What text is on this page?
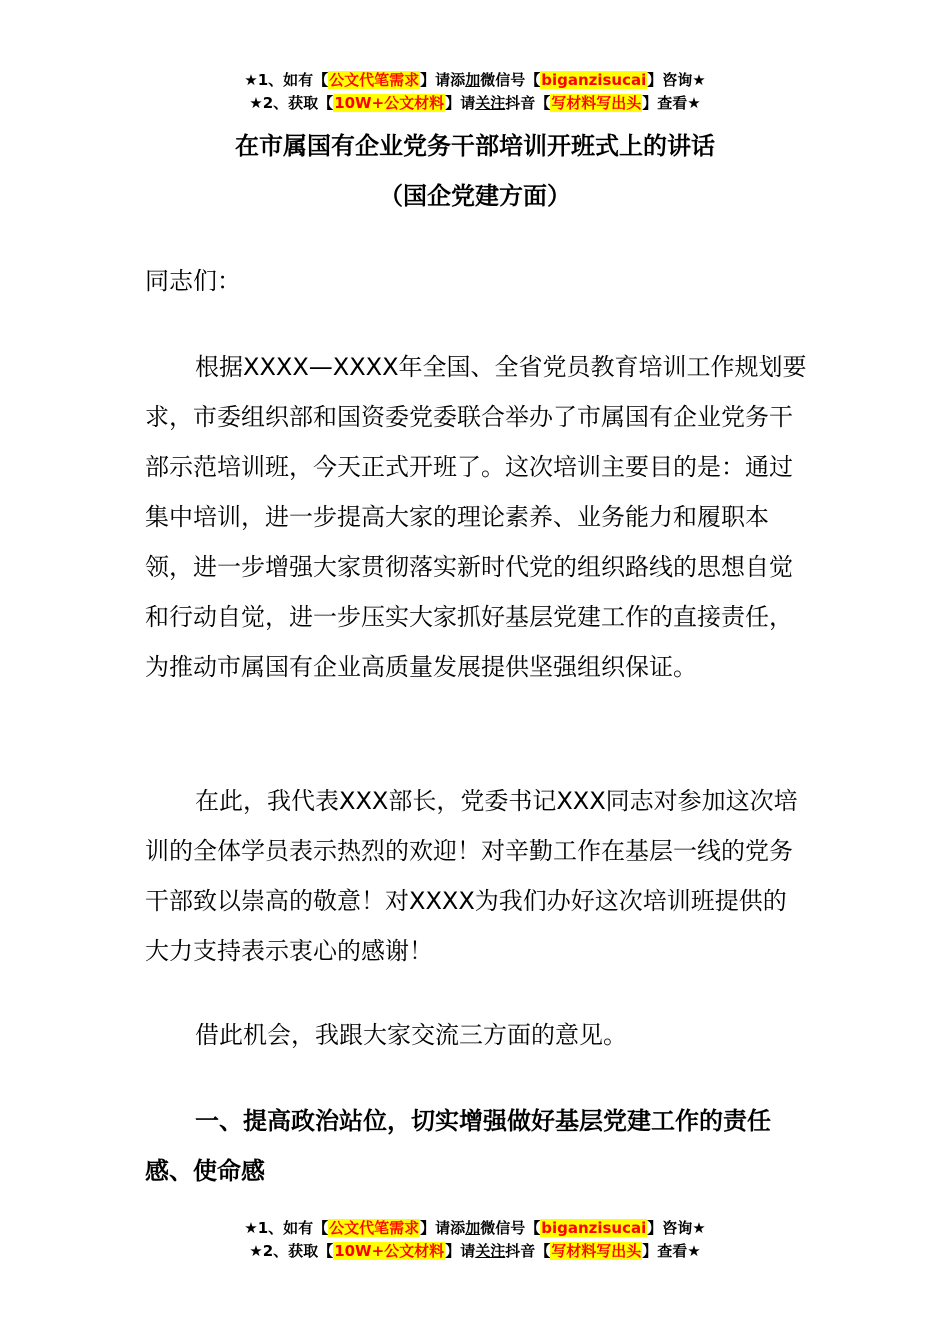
★1、如有【公文代笔需求】请添加微信号【biganzisucai】咨询★
★2、获取【10W+公文材料】请关注抖音【写材料写出头】查看★
在市属国有企业党务干部培训开班式上的讲话
（国企党建方面）
同志们：

根据XXXX—XXXX年全国、全省党员教育培训工作规划要求，市委组织部和国资委党委联合举办了市属国有企业党务干部示范培训班，今天正式开班了。这次培训主要目的是：通过集中培训，进一步提高大家的理论素养、业务能力和履职本领，进一步增强大家贯彻落实新时代党的组织路线的思想自觉和行动自觉，进一步压实大家抓好基层党建工作的直接责任，为推动市属国有企业高质量发展提供坚强组织保证。

在此，我代表XXX部长，党委书记XXX同志对参加这次培训的全体学员表示热烈的欢迎！对辛勤工作在基层一线的党务干部致以崇高的敬意！对XXXX为我们办好这次培训班提供的大力支持表示衷心的感谢！

借此机会，我跟大家交流三方面的意见。

一、提高政治站位，切实增强做好基层党建工作的责任感、使命感

★1、如有【公文代笔需求】请添加微信号【biganzisucai】咨询★
★2、获取【10W+公文材料】请关注抖音【写材料写出头】查看★
